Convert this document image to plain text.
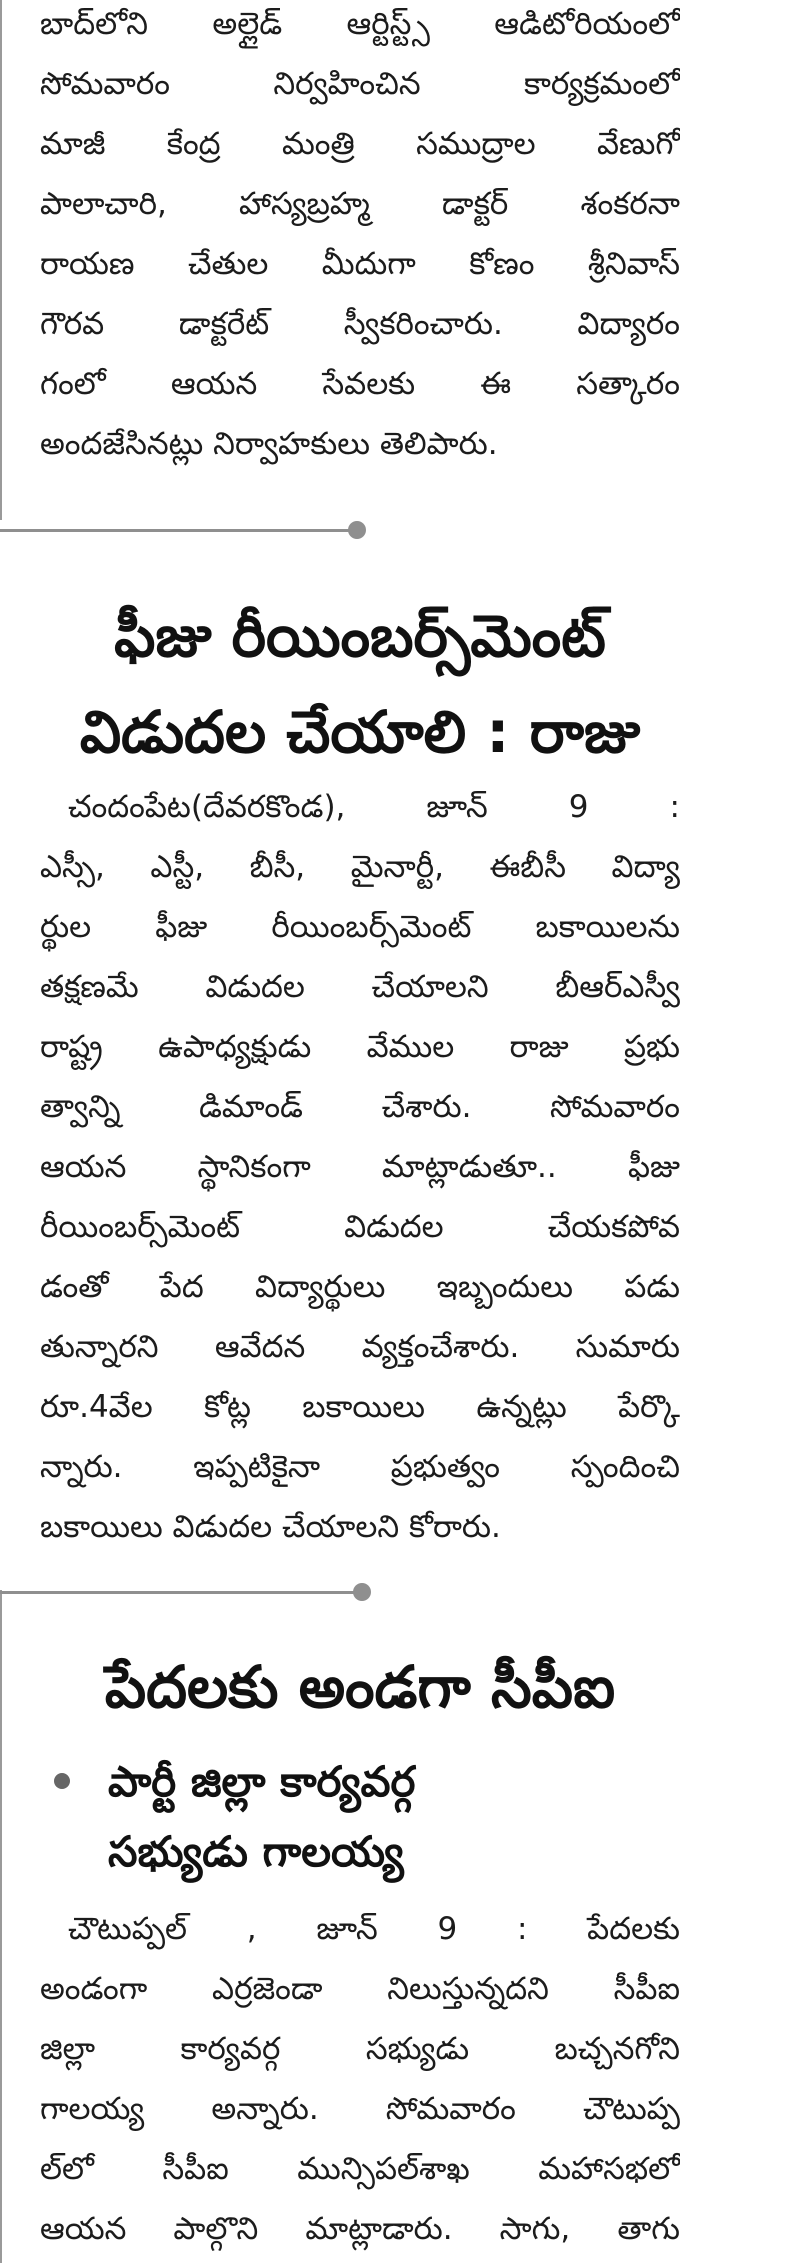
బాద్‌లోని అల్లైడ్ ఆర్టిస్ట్స్ ఆడిటోరియంలో
సోమవారం నిర్వహించిన కార్యక్రమంలో
మాజీ కేంద్ర మంత్రి సముద్రాల వేణుగో
పాలాచారి, హాస్యబ్రహ్మ డాక్టర్ శంకరనా
రాయణ చేతుల మీదుగా కోణం శ్రీనివాస్
గౌరవ డాక్టరేట్ స్వీకరించారు. విద్యారం
గంలో ఆయన సేవలకు ఈ సత్కారం
అందజేసినట్లు నిర్వాహకులు తెలిపారు.
ఫీజు రీయింబర్స్‌మెంట్
విడుదల చేయాలి : రాజు
చందంపేట(దేవరకొండ), జూన్ 9 :
ఎస్సీ, ఎస్టీ, బీసీ, మైనార్టీ, ఈబీసీ విద్యా
ర్థుల ఫీజు రీయింబర్స్‌మెంట్ బకాయిలను
తక్షణమే విడుదల చేయాలని బీఆర్ఎస్వీ
రాష్ట్ర ఉపాధ్యక్షుడు వేముల రాజు ప్రభు
త్వాన్ని డిమాండ్ చేశారు. సోమవారం
ఆయన స్థానికంగా మాట్లాడుతూ.. ఫీజు
రీయింబర్స్‌మెంట్ విడుదల చేయకపోవ
డంతో పేద విద్యార్థులు ఇబ్బందులు పడు
తున్నారని ఆవేదన వ్యక్తంచేశారు. సుమారు
రూ.4వేల కోట్ల బకాయిలు ఉన్నట్లు పేర్కొ
న్నారు. ఇప్పటికైనా ప్రభుత్వం స్పందించి
బకాయిలు విడుదల చేయాలని కోరారు.
పేదలకు అండగా సీపీఐ
పార్టీ జిల్లా కార్యవర్గ
సభ్యుడు గాలయ్య
చౌటుప్పల్ , జూన్ 9 : పేదలకు
అండంగా ఎర్రజెండా నిలుస్తున్నదని సీపీఐ
జిల్లా కార్యవర్గ సభ్యుడు బచ్చనగోని
గాలయ్య అన్నారు. సోమవారం చౌటుప్ప
ల్‌లో సీపీఐ మున్సిపల్‌శాఖ మహాసభలో
ఆయన పాల్గొని మాట్లాడారు. సాగు, తాగు
